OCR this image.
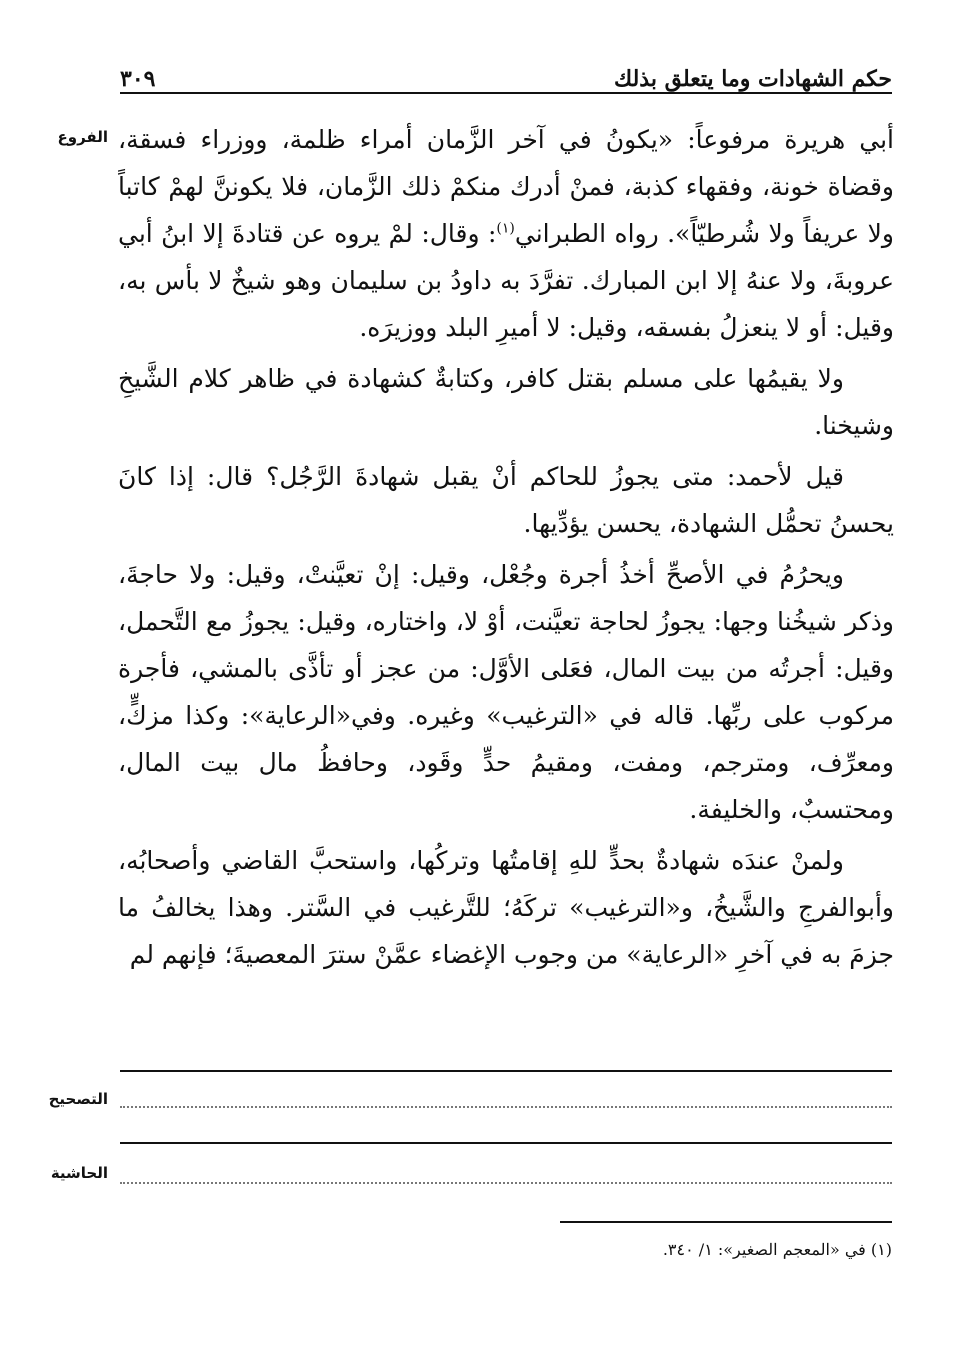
حكم الشهادات وما يتعلق بذلك
٣٠٩
الفروع أبي هريرة مرفوعاً: «يكونُ في آخر الزَّمان أمراء ظلمة، ووزراء فسقة، وقضاة خونة، وفقهاء كذبة، فمنْ أدرك منكمْ ذلك الزَّمان، فلا يكوننَّ لهمْ كاتباً ولا عريفاً ولا شُرطيّاً». رواه الطبراني$^{(١)}$: وقال: لمْ يروه عن قتادةَ إلا ابنُ أبي عروبةَ، ولا عنهُ إلا ابن المبارك. تفرَّدَ به داودُ بن سليمان وهو شيخٌ لا بأس به، وقيل: أو لا ينعزلُ بفسقه، وقيل: لا أميرِ البلد ووزيرَه.

ولا يقيمُها على مسلم بقتل كافر، وكتابةٌ كشهادة في ظاهر كلام الشَّيخِ وشيخنا.

قيل لأحمد: متى يجوزُ للحاكم أنْ يقبل شهادةَ الرَّجُل؟ قال: إذا كانَ يحسنُ تحمُّل الشهادة، يحسن يؤدِّيها.

ويحرُمُ في الأصحِّ أخذُ أجرة وجُعْل، وقيل: إنْ تعيَّنتْ، وقيل: ولا حاجةَ، وذكر شيخُنا وجها: يجوزُ لحاجة تعيَّنت، أوْ لا، واختاره، وقيل: يجوزُ مع التَّحمل، وقيل: أجرتُه من بيت المال، فعَلى الأوَّل: من عجز أو تأذَّى بالمشي، فأجرة مركوب على ربِّها. قاله في «الترغيب» وغيره. وفي«الرعاية»: وكذا مزكٍّ، ومعرِّف، ومترجم، ومفت، ومقيمُ حدٍّ وقَود، وحافظُ مال بيت المال، ومحتسبٌ، والخليفة.

ولمنْ عندَه شهادةٌ بحدٍّ للهِ إقامتُها وتركُها، واستحبَّ القاضي وأصحابُه، وأبوالفرجِ والشَّيخُ، و«الترغيب» تركَهُ؛ للتَّرغيب في السَّتر. وهذا يخالفُ ما جزمَ به في آخرِ «الرعاية» من وجوب الإغضاء عمَّنْ سترَ المعصيةَ؛ فإنهم لم

التصحيح
الحاشية
(١) في «المعجم الصغير»: ١/ ٣٤٠.
